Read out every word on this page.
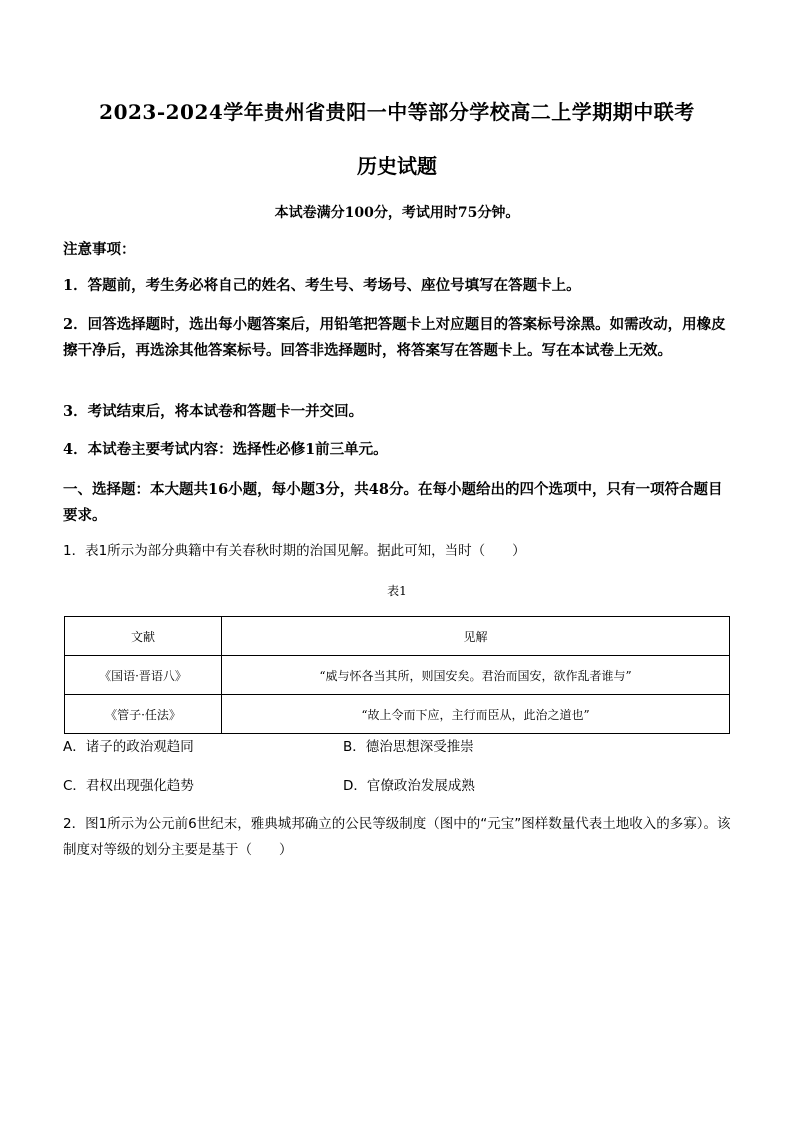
2023-2024学年贵州省贵阳一中等部分学校高二上学期期中联考
历史试题
本试卷满分100分，考试用时75分钟。
注意事项：
1．答题前，考生务必将自己的姓名、考生号、考场号、座位号填写在答题卡上。
2．回答选择题时，选出每小题答案后，用铅笔把答题卡上对应题目的答案标号涂黑。如需改动，用橡皮擦干净后，再选涂其他答案标号。回答非选择题时，将答案写在答题卡上。写在本试卷上无效。
3．考试结束后，将本试卷和答题卡一并交回。
4．本试卷主要考试内容：选择性必修1前三单元。
一、选择题：本大题共16小题，每小题3分，共48分。在每小题给出的四个选项中，只有一项符合题目要求。
1．表1所示为部分典籍中有关春秋时期的治国见解。据此可知，当时（　　）
表1
文献	见解
《国语·晋语八》	“威与怀各当其所，则国安矣。君治而国安，欲作乱者谁与”
《管子·任法》	“故上令而下应，主行而臣从，此治之道也”
A．诸子的政治观趋同	B．德治思想深受推崇
C．君权出现强化趋势	D．官僚政治发展成熟
2．图1所示为公元前6世纪末，雅典城邦确立的公民等级制度（图中的“元宝”图样数量代表土地收入的多寡）。该制度对等级的划分主要是基于（　　）
